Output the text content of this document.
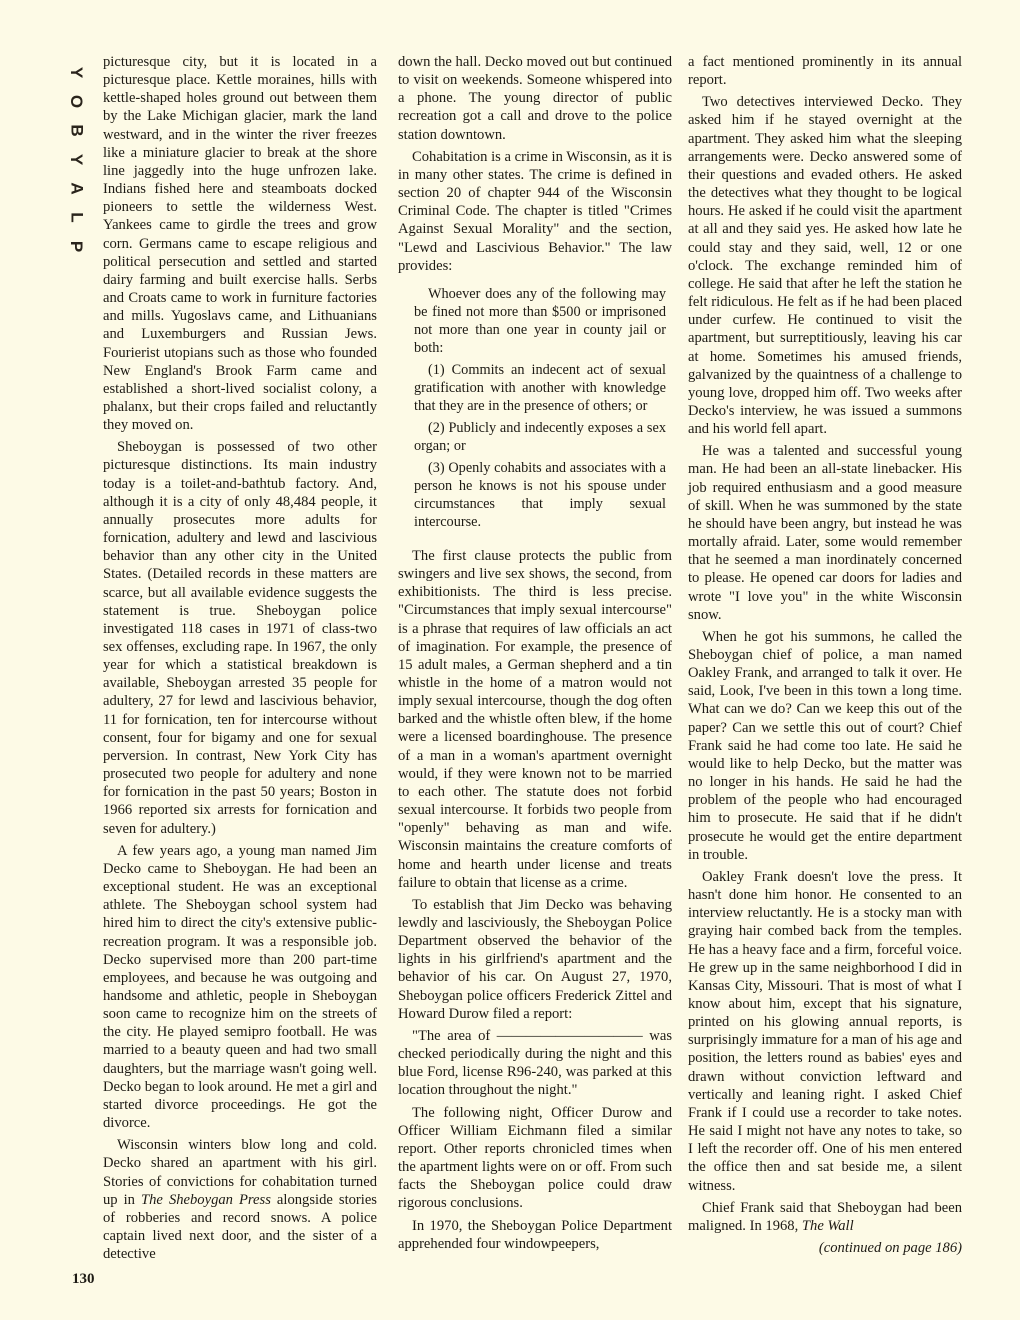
Y
O
B
Y
A
L
P
130

picturesque city, but it is located in a picturesque place. Kettle moraines, hills with kettle-shaped holes ground out between them by the Lake Michigan glacier, mark the land westward, and in the winter the river freezes like a miniature glacier to break at the shore line jaggedly into the huge unfrozen lake. Indians fished here and steamboats docked pioneers to settle the wilderness West. Yankees came to girdle the trees and grow corn. Germans came to escape religious and political persecution and settled and started dairy farming and built exercise halls. Serbs and Croats came to work in furniture factories and mills. Yugoslavs came, and Lithuanians and Luxemburgers and Russian Jews. Fourierist utopians such as those who founded New England's Brook Farm came and established a short-lived socialist colony, a phalanx, but their crops failed and reluctantly they moved on.

Sheboygan is possessed of two other picturesque distinctions. Its main industry today is a toilet-and-bathtub factory. And, although it is a city of only 48,484 people, it annually prosecutes more adults for fornication, adultery and lewd and lascivious behavior than any other city in the United States. (Detailed records in these matters are scarce, but all available evidence suggests the statement is true. Sheboygan police investigated 118 cases in 1971 of class-two sex offenses, excluding rape. In 1967, the only year for which a statistical breakdown is available, Sheboygan arrested 35 people for adultery, 27 for lewd and lascivious behavior, 11 for fornication, ten for intercourse without consent, four for bigamy and one for sexual perversion. In contrast, New York City has prosecuted two people for adultery and none for fornication in the past 50 years; Boston in 1966 reported six arrests for fornication and seven for adultery.)

A few years ago, a young man named Jim Decko came to Sheboygan. He had been an exceptional student. He was an exceptional athlete. The Sheboygan school system had hired him to direct the city's extensive public-recreation program. It was a responsible job. Decko supervised more than 200 part-time employees, and because he was outgoing and handsome and athletic, people in Sheboygan soon came to recognize him on the streets of the city. He played semipro football. He was married to a beauty queen and had two small daughters, but the marriage wasn't going well. Decko began to look around. He met a girl and started divorce proceedings. He got the divorce.

Wisconsin winters blow long and cold. Decko shared an apartment with his girl. Stories of convictions for cohabitation turned up in The Sheboygan Press alongside stories of robberies and record snows. A police captain lived next door, and the sister of a detective

down the hall. Decko moved out but continued to visit on weekends. Someone whispered into a phone. The young director of public recreation got a call and drove to the police station downtown.

Cohabitation is a crime in Wisconsin, as it is in many other states. The crime is defined in section 20 of chapter 944 of the Wisconsin Criminal Code. The chapter is titled "Crimes Against Sexual Morality" and the section, "Lewd and Lascivious Behavior." The law provides:

Whoever does any of the following may be fined not more than $500 or imprisoned not more than one year in county jail or both:

(1) Commits an indecent act of sexual gratification with another with knowledge that they are in the presence of others; or

(2) Publicly and indecently exposes a sex organ; or

(3) Openly cohabits and associates with a person he knows is not his spouse under circumstances that imply sexual intercourse.

The first clause protects the public from swingers and live sex shows, the second, from exhibitionists. The third is less precise. "Circumstances that imply sexual intercourse" is a phrase that requires of law officials an act of imagination. For example, the presence of 15 adult males, a German shepherd and a tin whistle in the home of a matron would not imply sexual intercourse, though the dog often barked and the whistle often blew, if the home were a licensed boardinghouse. The presence of a man in a woman's apartment overnight would, if they were known not to be married to each other. The statute does not forbid sexual intercourse. It forbids two people from "openly" behaving as man and wife. Wisconsin maintains the creature comforts of home and hearth under license and treats failure to obtain that license as a crime.

To establish that Jim Decko was behaving lewdly and lasciviously, the Sheboygan Police Department observed the behavior of the lights in his girlfriend's apartment and the behavior of his car. On August 27, 1970, Sheboygan police officers Frederick Zittel and Howard Durow filed a report:

"The area of ―――――――――― was checked periodically during the night and this blue Ford, license R96-240, was parked at this location throughout the night."

The following night, Officer Durow and Officer William Eichmann filed a similar report. Other reports chronicled times when the apartment lights were on or off. From such facts the Sheboygan police could draw rigorous conclusions.

In 1970, the Sheboygan Police Department apprehended four windowpeepers,

a fact mentioned prominently in its annual report.

Two detectives interviewed Decko. They asked him if he stayed overnight at the apartment. They asked him what the sleeping arrangements were. Decko answered some of their questions and evaded others. He asked the detectives what they thought to be logical hours. He asked if he could visit the apartment at all and they said yes. He asked how late he could stay and they said, well, 12 or one o'clock. The exchange reminded him of college. He said that after he left the station he felt ridiculous. He felt as if he had been placed under curfew. He continued to visit the apartment, but surreptitiously, leaving his car at home. Sometimes his amused friends, galvanized by the quaintness of a challenge to young love, dropped him off. Two weeks after Decko's interview, he was issued a summons and his world fell apart.

He was a talented and successful young man. He had been an all-state linebacker. His job required enthusiasm and a good measure of skill. When he was summoned by the state he should have been angry, but instead he was mortally afraid. Later, some would remember that he seemed a man inordinately concerned to please. He opened car doors for ladies and wrote "I love you" in the white Wisconsin snow.

When he got his summons, he called the Sheboygan chief of police, a man named Oakley Frank, and arranged to talk it over. He said, Look, I've been in this town a long time. What can we do? Can we keep this out of the paper? Can we settle this out of court? Chief Frank said he had come too late. He said he would like to help Decko, but the matter was no longer in his hands. He said he had the problem of the people who had encouraged him to prosecute. He said that if he didn't prosecute he would get the entire department in trouble.

Oakley Frank doesn't love the press. It hasn't done him honor. He consented to an interview reluctantly. He is a stocky man with graying hair combed back from the temples. He has a heavy face and a firm, forceful voice. He grew up in the same neighborhood I did in Kansas City, Missouri. That is most of what I know about him, except that his signature, printed on his glowing annual reports, is surprisingly immature for a man of his age and position, the letters round as babies' eyes and drawn without conviction leftward and vertically and leaning right. I asked Chief Frank if I could use a recorder to take notes. He said I might not have any notes to take, so I left the recorder off. One of his men entered the office then and sat beside me, a silent witness.

Chief Frank said that Sheboygan had been maligned. In 1968, The Wall

(continued on page 186)
